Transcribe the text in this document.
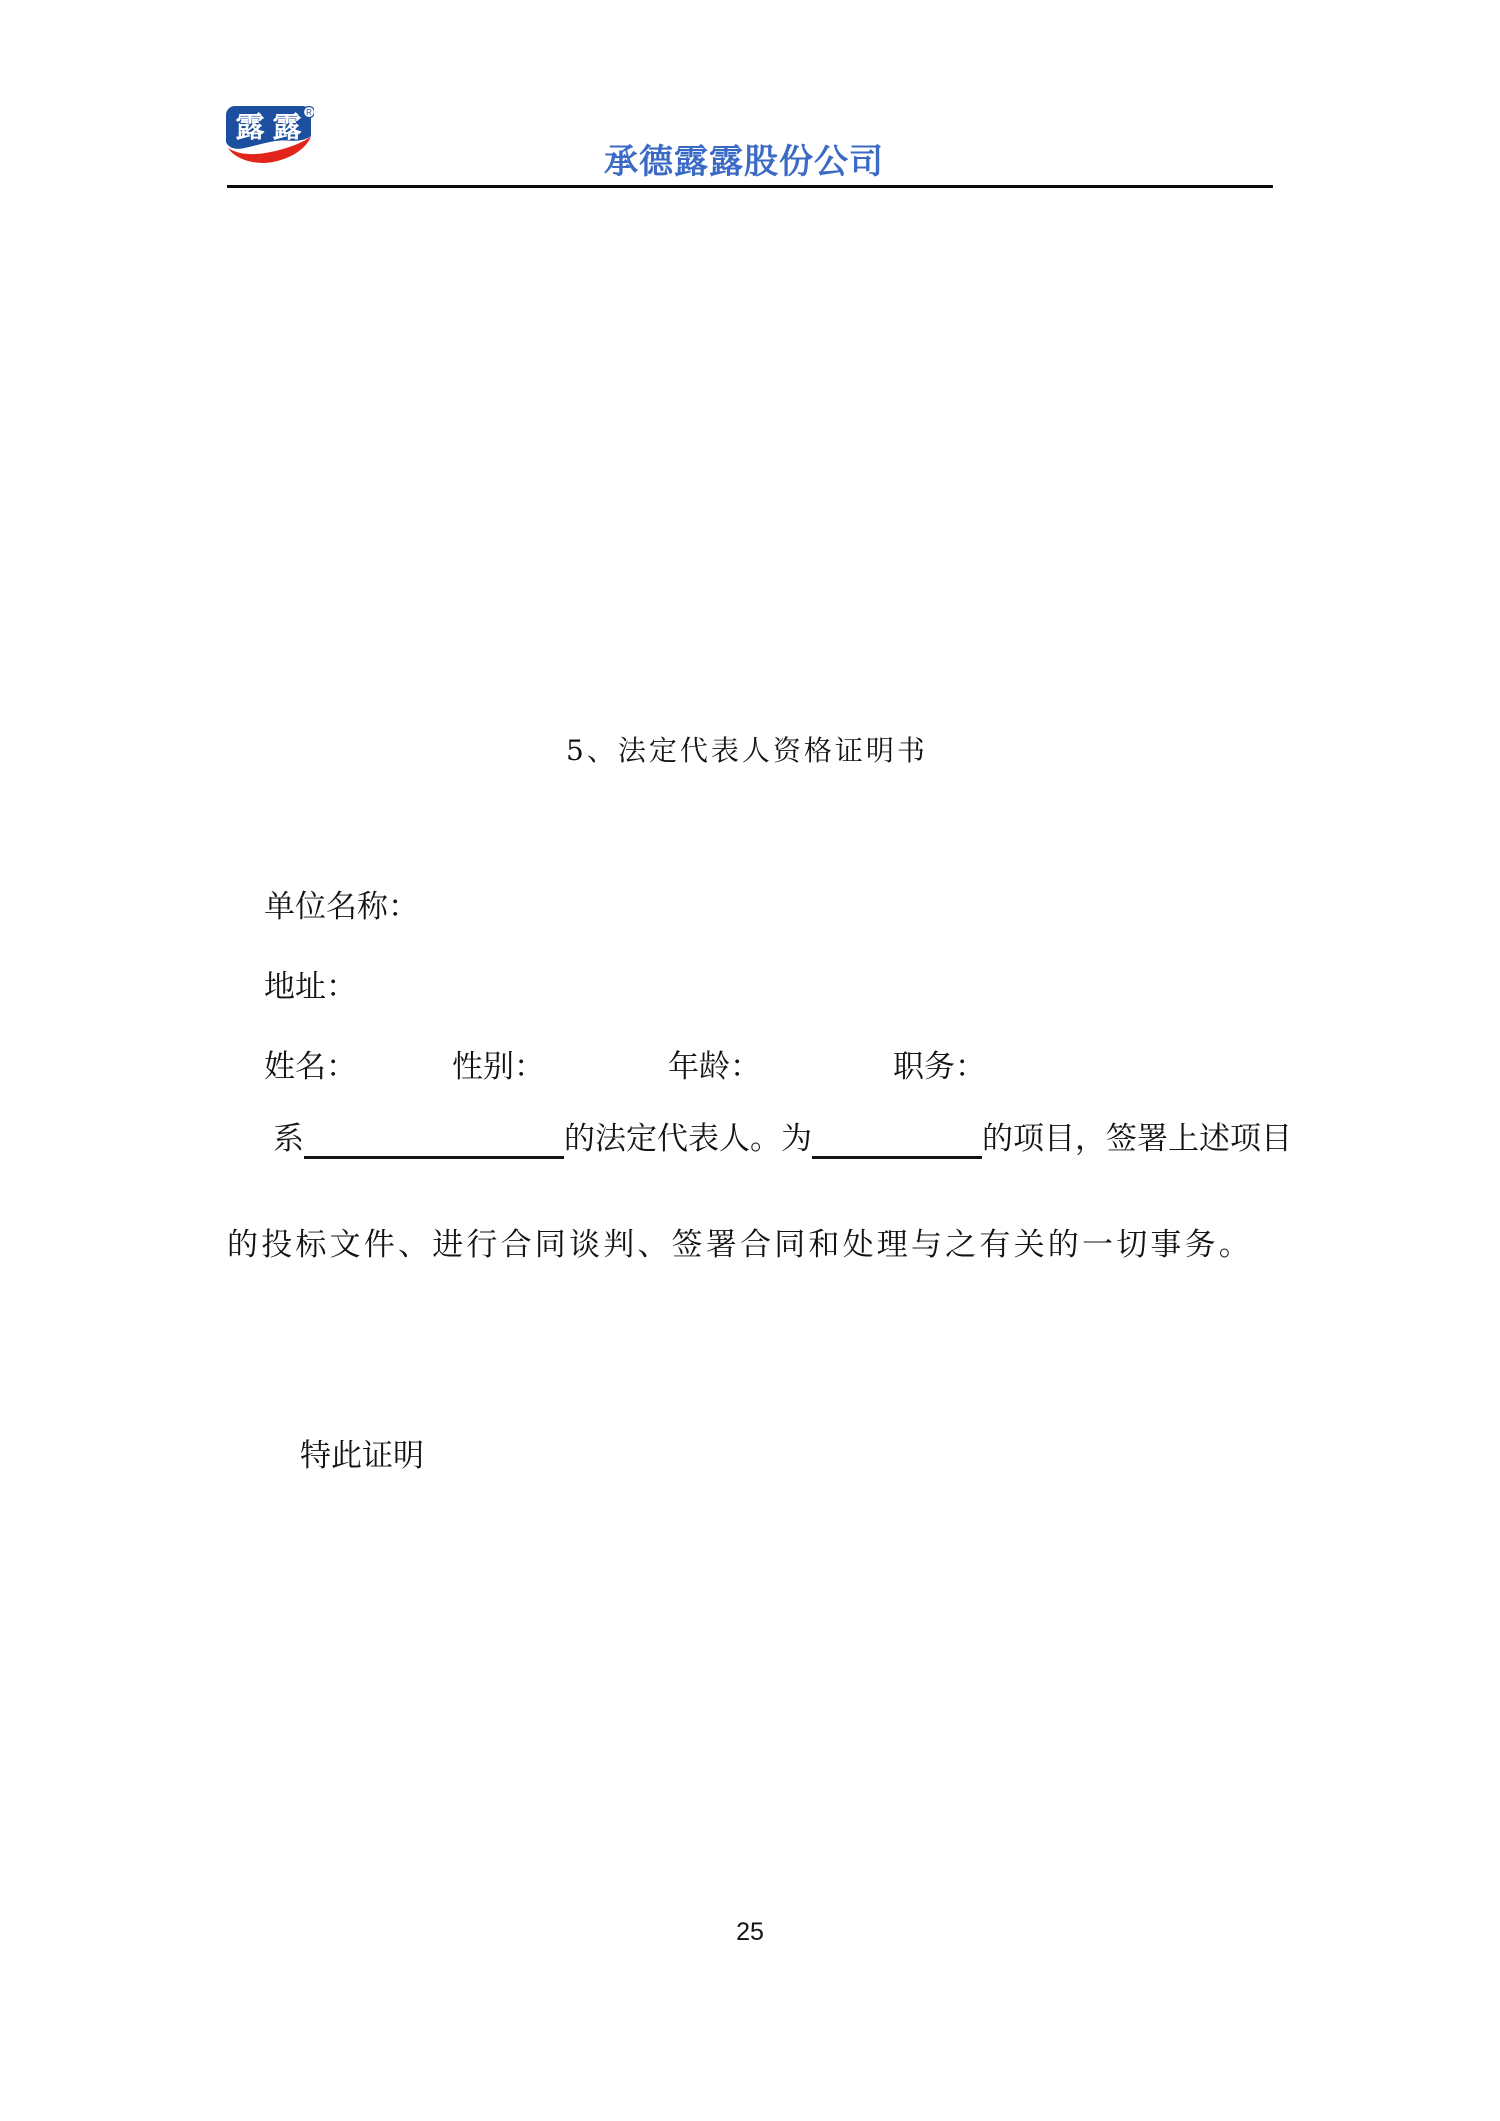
露 露 R
承德露露股份公司
5、法定代表人资格证明书
单位名称：
地址：
姓名：	性别：	年龄：	职务：
系	的法定代表人。为	的项目，签署上述项目
的投标文件、进行合同谈判、签署合同和处理与之有关的一切事务。
特此证明
25
